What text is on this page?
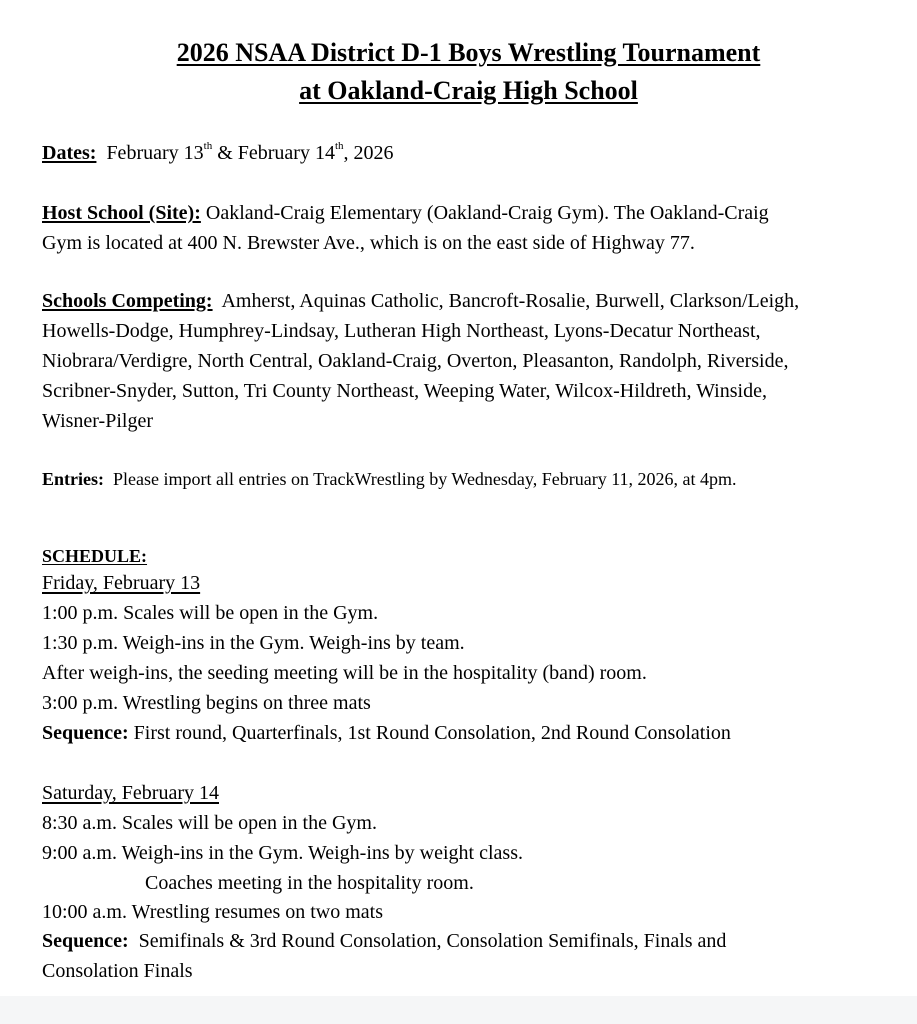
2026 NSAA District D-1 Boys Wrestling Tournament
at Oakland-Craig High School
Dates: February 13th & February 14th, 2026
Host School (Site): Oakland-Craig Elementary (Oakland-Craig Gym). The Oakland-Craig
Gym is located at 400 N. Brewster Ave., which is on the east side of Highway 77.
Schools Competing: Amherst, Aquinas Catholic, Bancroft-Rosalie, Burwell, Clarkson/Leigh,
Howells-Dodge, Humphrey-Lindsay, Lutheran High Northeast, Lyons-Decatur Northeast,
Niobrara/Verdigre, North Central, Oakland-Craig, Overton, Pleasanton, Randolph, Riverside,
Scribner-Snyder, Sutton, Tri County Northeast, Weeping Water, Wilcox-Hildreth, Winside,
Wisner-Pilger
Entries: Please import all entries on TrackWrestling by Wednesday, February 11, 2026, at 4pm.
SCHEDULE:
Friday, February 13
1:00 p.m. Scales will be open in the Gym.
1:30 p.m. Weigh-ins in the Gym. Weigh-ins by team.
After weigh-ins, the seeding meeting will be in the hospitality (band) room.
3:00 p.m. Wrestling begins on three mats
Sequence: First round, Quarterfinals, 1st Round Consolation, 2nd Round Consolation
Saturday, February 14
8:30 a.m. Scales will be open in the Gym.
9:00 a.m. Weigh-ins in the Gym. Weigh-ins by weight class.
Coaches meeting in the hospitality room.
10:00 a.m. Wrestling resumes on two mats
Sequence: Semifinals & 3rd Round Consolation, Consolation Semifinals, Finals and
Consolation Finals
